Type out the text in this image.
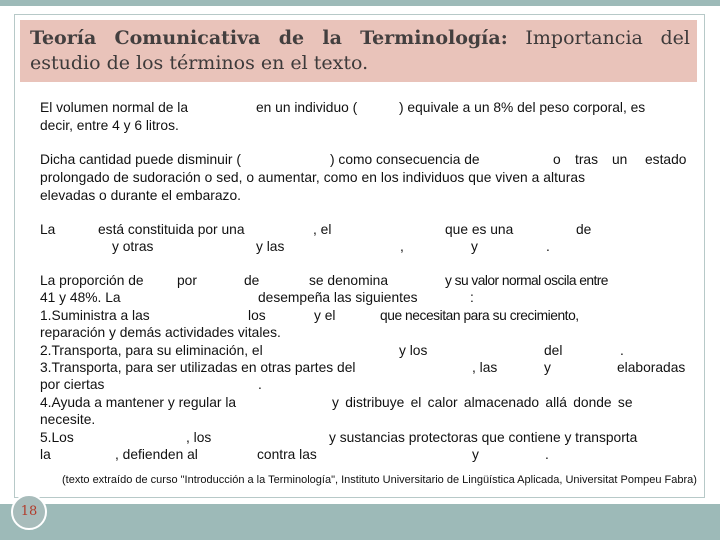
Teoría Comunicativa de la Terminología: Importancia del estudio de los términos en el texto.
El volumen normal de la	en un individuo (	) equivale a un 8% del peso corporal, es
decir, entre 4 y 6 litros.
Dicha cantidad puede disminuir (	) como consecuencia de	o tras un estado
prolongado de sudoración o sed, o aumentar, como en los individuos que viven a alturas
elevadas o durante el embarazo.
La	está constituida por una	, el	que es una	de
y otras	y las	,	y	.
La proporción de por	de	se denomina	y su valor normal oscila entre
41 y 48%. La	desempeña las siguientes	:
1.Suministra a las	los	y el	que necesitan para su crecimiento,
reparación y demás actividades vitales.
2.Transporta, para su eliminación, el	y los	del	.
3.Transporta, para ser utilizadas en otras partes del	, las	y	elaboradas
por ciertas	.
4.Ayuda a mantener y regular la	y distribuye el calor almacenado allá donde se
necesite.
5.Los	, los	y sustancias protectoras que contiene y transporta
la	, defienden al	contra las	y	.
(texto extraído de curso "Introducción a la Terminología", Instituto Universitario de Lingüística Aplicada, Universitat Pompeu Fabra)
18
